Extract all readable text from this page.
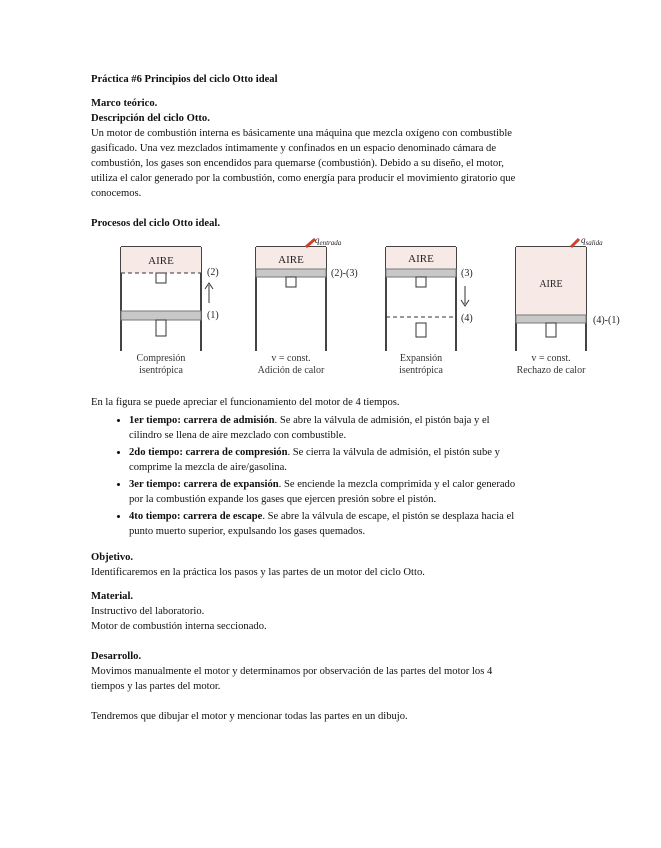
Práctica #6 Principios del ciclo Otto ideal

Marco teórico.

Descripción del ciclo Otto.

Un motor de combustión interna es básicamente una máquina que mezcla oxígeno con combustible
gasificado. Una vez mezclados íntimamente y confinados en un espacio denominado cámara de
combustión, los gases son encendidos para quemarse (combustión). Debido a su diseño, el motor,
utiliza el calor generado por la combustión, como energía para producir el movimiento giratorio que
conocemos.

Procesos del ciclo Otto ideal.

AIRE
(2)
(1)
Compresión
isentrópica
AIRE
$q_{entrada}$
(2)-(3)
v = const.
Adición de calor
AIRE
(3)
(4)
Expansión
isentrópica
AIRE
$q_{salida}$
(4)-(1)
v = const.
Rechazo de calor

En la figura se puede apreciar el funcionamiento del motor de 4 tiempos.

• 1er tiempo: carrera de admisión. Se abre la válvula de admisión, el pistón baja y el
cilindro se llena de aire mezclado con combustible.
• 2do tiempo: carrera de compresión. Se cierra la válvula de admisión, el pistón sube y
comprime la mezcla de aire/gasolina.
• 3er tiempo: carrera de expansión. Se enciende la mezcla comprimida y el calor generado
por la combustión expande los gases que ejercen presión sobre el pistón.
• 4to tiempo: carrera de escape. Se abre la válvula de escape, el pistón se desplaza hacia el
punto muerto superior, expulsando los gases quemados.

Objetivo.

Identificaremos en la práctica los pasos y las partes de un motor del ciclo Otto.

Material.

Instructivo del laboratorio.
Motor de combustión interna seccionado.

Desarrollo.

Movimos manualmente el motor y determinamos por observación de las partes del motor los 4
tiempos y las partes del motor.

Tendremos que dibujar el motor y mencionar todas las partes en un dibujo.
